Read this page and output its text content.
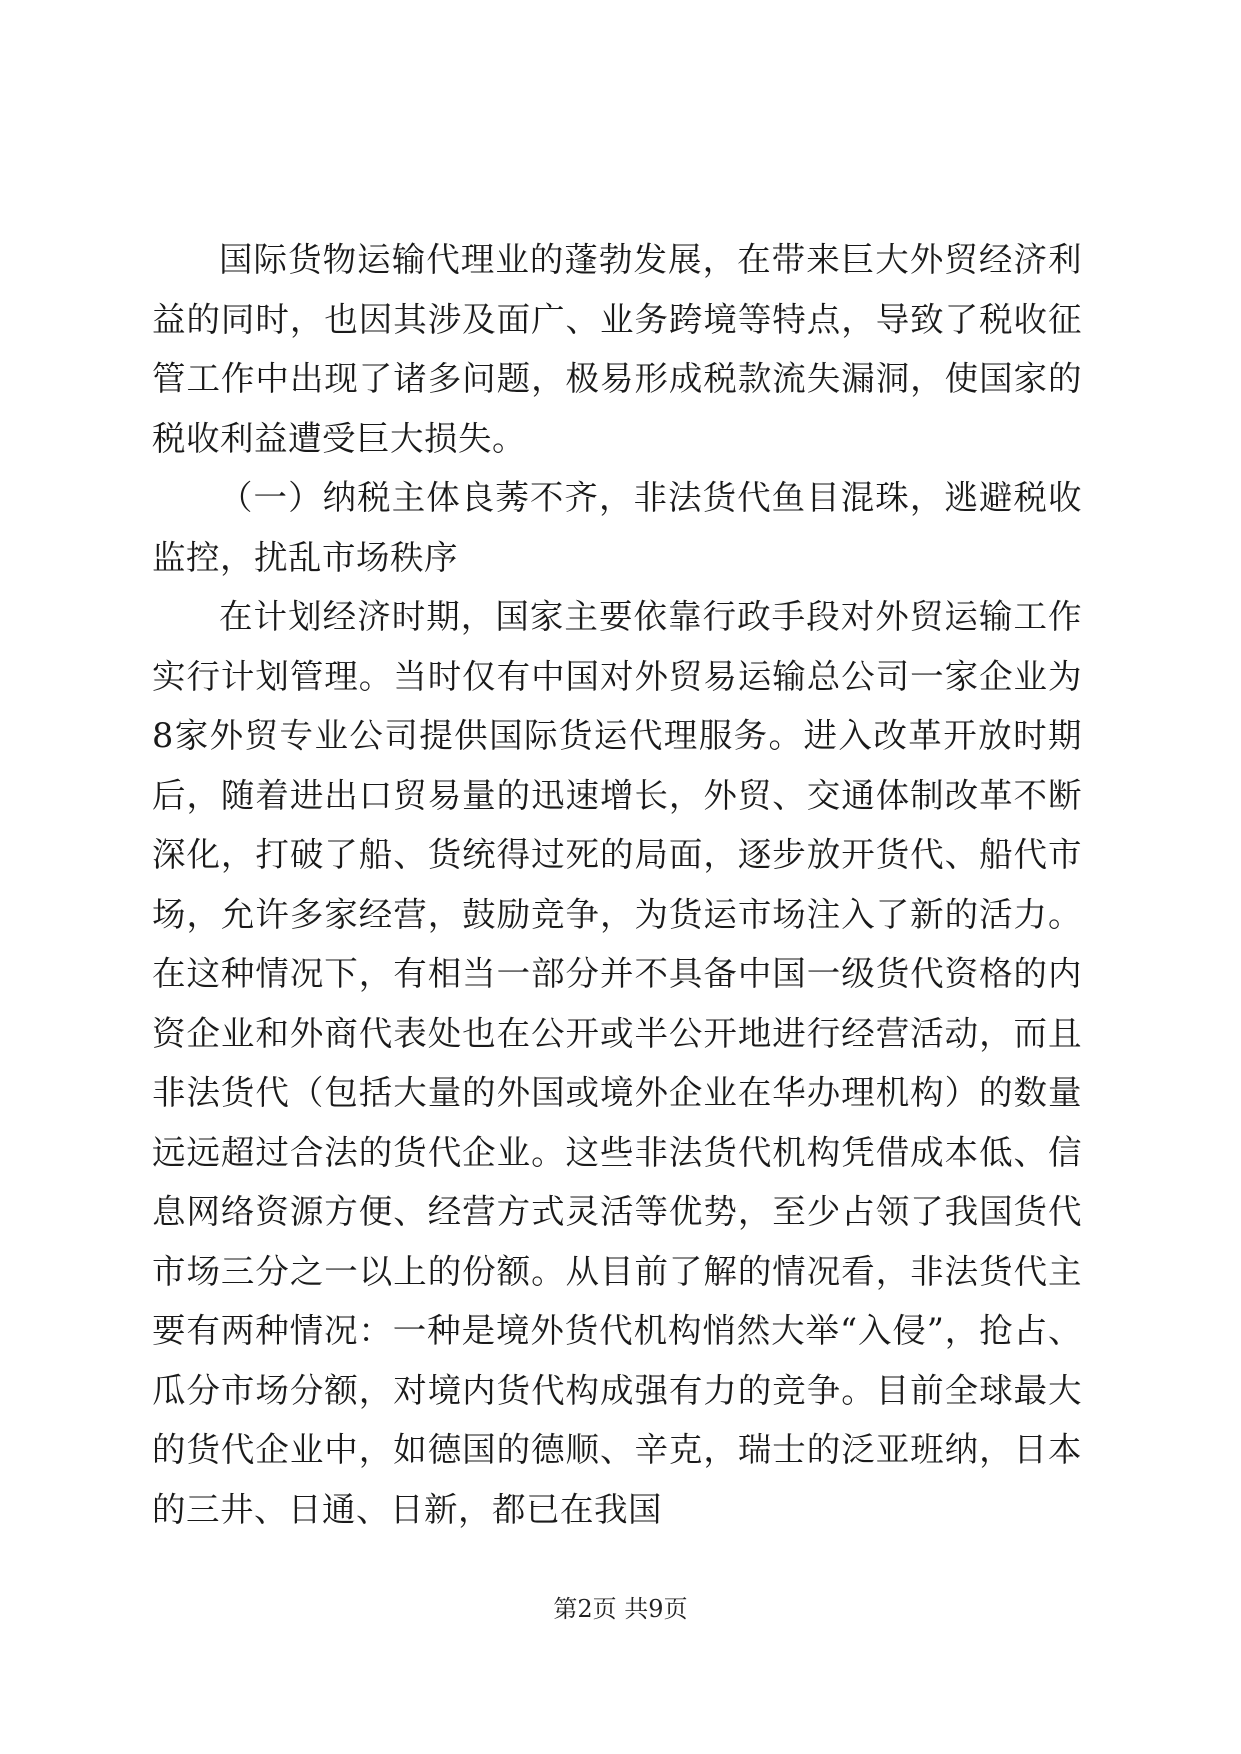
国际货物运输代理业的蓬勃发展，在带来巨大外贸经济利益的同时，也因其涉及面广、业务跨境等特点，导致了税收征管工作中出现了诸多问题，极易形成税款流失漏洞，使国家的税收利益遭受巨大损失。

（一）纳税主体良莠不齐，非法货代鱼目混珠，逃避税收监控，扰乱市场秩序

在计划经济时期，国家主要依靠行政手段对外贸运输工作实行计划管理。当时仅有中国对外贸易运输总公司一家企业为8家外贸专业公司提供国际货运代理服务。进入改革开放时期后，随着进出口贸易量的迅速增长，外贸、交通体制改革不断深化，打破了船、货统得过死的局面，逐步放开货代、船代市场，允许多家经营，鼓励竞争，为货运市场注入了新的活力。在这种情况下，有相当一部分并不具备中国一级货代资格的内资企业和外商代表处也在公开或半公开地进行经营活动，而且非法货代（包括大量的外国或境外企业在华办理机构）的数量远远超过合法的货代企业。这些非法货代机构凭借成本低、信息网络资源方便、经营方式灵活等优势，至少占领了我国货代市场三分之一以上的份额。从目前了解的情况看，非法货代主要有两种情况：一种是境外货代机构悄然大举“入侵”，抢占、瓜分市场分额，对境内货代构成强有力的竞争。目前全球最大的货代企业中，如德国的德顺、辛克，瑞士的泛亚班纳，日本的三井、日通、日新，都已在我国

第2页 共9页
